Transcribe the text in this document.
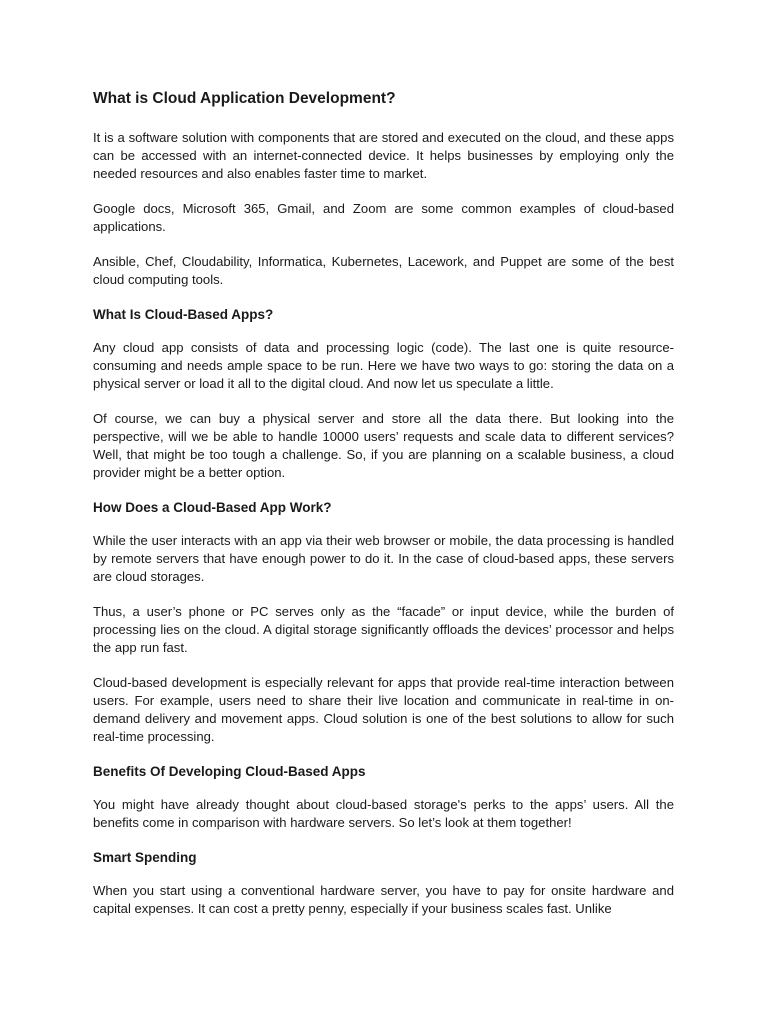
What is Cloud Application Development?

It is a software solution with components that are stored and executed on the cloud, and these apps can be accessed with an internet-connected device. It helps businesses by employing only the needed resources and also enables faster time to market.

Google docs, Microsoft 365, Gmail, and Zoom are some common examples of cloud-based applications.

Ansible, Chef, Cloudability, Informatica, Kubernetes, Lacework, and Puppet are some of the best cloud computing tools.

What Is Cloud-Based Apps?

Any cloud app consists of data and processing logic (code). The last one is quite resource-consuming and needs ample space to be run. Here we have two ways to go: storing the data on a physical server or load it all to the digital cloud. And now let us speculate a little.

Of course, we can buy a physical server and store all the data there. But looking into the perspective, will we be able to handle 10000 users’ requests and scale data to different services? Well, that might be too tough a challenge. So, if you are planning on a scalable business, a cloud provider might be a better option.

How Does a Cloud-Based App Work?

While the user interacts with an app via their web browser or mobile, the data processing is handled by remote servers that have enough power to do it. In the case of cloud-based apps, these servers are cloud storages.

Thus, a user’s phone or PC serves only as the “facade” or input device, while the burden of processing lies on the cloud. A digital storage significantly offloads the devices’ processor and helps the app run fast.

Cloud-based development is especially relevant for apps that provide real-time interaction between users. For example, users need to share their live location and communicate in real-time in on-demand delivery and movement apps. Cloud solution is one of the best solutions to allow for such real-time processing.

Benefits Of Developing Cloud-Based Apps

You might have already thought about cloud-based storage's perks to the apps’ users. All the benefits come in comparison with hardware servers. So let’s look at them together!

Smart Spending

When you start using a conventional hardware server, you have to pay for onsite hardware and capital expenses. It can cost a pretty penny, especially if your business scales fast. Unlike
